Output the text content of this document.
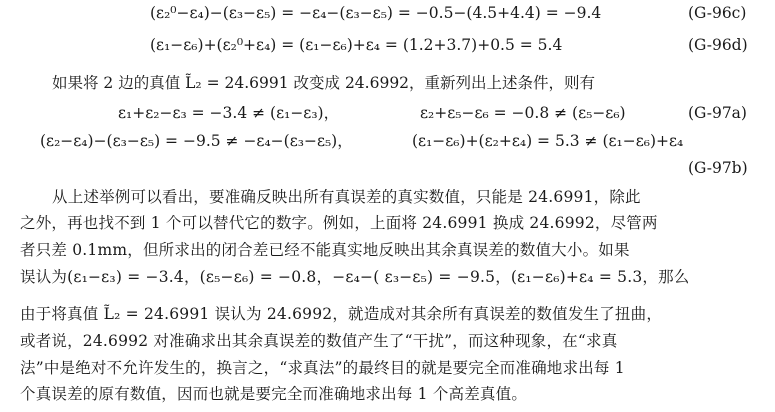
(ε₂⁰−ε₄)−(ε₃−ε₅) = −ε₄−(ε₃−ε₅) = −0.5−(4.5+4.4) = −9.4	(G-96c)
(ε₁−ε₆)+(ε₂⁰+ε₄) = (ε₁−ε₆)+ε₄ = (1.2+3.7)+0.5 = 5.4	(G-96d)
如果将 2 边的真值 L̃₂ = 24.6991 改变成 24.6992，重新列出上述条件，则有
ε₁+ε₂−ε₃ = −3.4 ≠ (ε₁−ε₃)，	ε₂+ε₅−ε₆ = −0.8 ≠ (ε₅−ε₆)	(G-97a)
(ε₂−ε₄)−(ε₃−ε₅) = −9.5 ≠ −ε₄−(ε₃−ε₅)，	(ε₁−ε₆)+(ε₂+ε₄) = 5.3 ≠ (ε₁−ε₆)+ε₄
(G-97b)
从上述举例可以看出，要准确反映出所有真误差的真实数值，只能是 24.6991，除此
之外，再也找不到 1 个可以替代它的数字。例如，上面将 24.6991 换成 24.6992，尽管两
者只差 0.1mm，但所求出的闭合差已经不能真实地反映出其余真误差的数值大小。如果
误认为(ε₁−ε₃) = −3.4，(ε₅−ε₆) = −0.8，−ε₄−( ε₃−ε₅) = −9.5，(ε₁−ε₆)+ε₄ = 5.3，那么
由于将真值 L̃₂ = 24.6991 误认为 24.6992，就造成对其余所有真误差的数值发生了扭曲，
或者说，24.6992 对准确求出其余真误差的数值产生了“干扰”，而这种现象，在“求真
法”中是绝对不允许发生的，换言之，“求真法”的最终目的就是要完全而准确地求出每 1
个真误差的原有数值，因而也就是要完全而准确地求出每 1 个高差真值。
